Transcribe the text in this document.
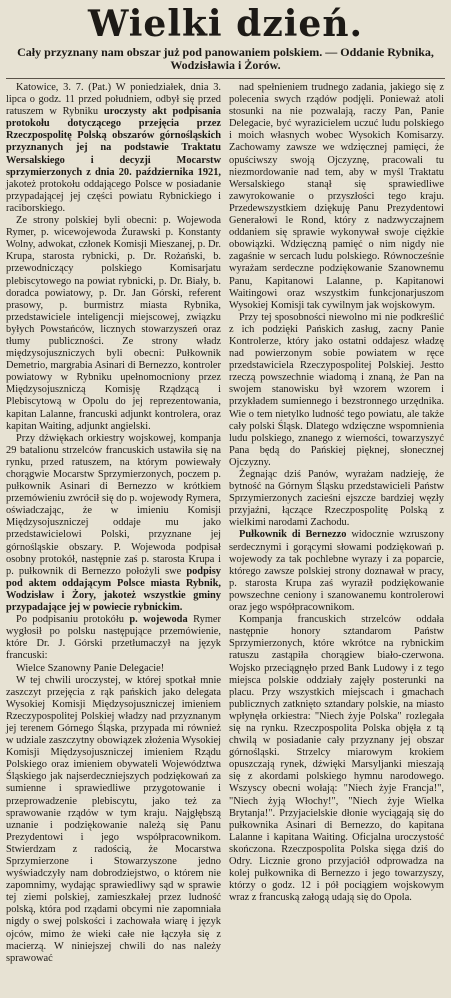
Wielki dzień.
Cały przyznany nam obszar już pod panowaniem polskiem. — Oddanie Rybnika, Wodzisławia i Żorów.

Katowice, 3. 7. (Pat.) W poniedziałek, dnia 3. lipca o godz. 11 przed południem, odbył się przed ratuszem w Rybniku uroczysty akt podpisania protokołu dotyczącego przejęcia przez Rzeczpospolitę Polską obszarów górnośląskich przyznanych jej na podstawie Traktatu Wersalskiego i decyzji Mocarstw sprzymierzonych z dnia 20. października 1921, jakoteż protokołu oddającego Polsce w posiadanie przypadającej jej części powiatu Rybnickiego i raciborskiego.

Ze strony polskiej byli obecni: p. Wojewoda Rymer, p. wicewojewoda Żurawski p. Konstanty Wolny, adwokat, członek Komisji Mieszanej, p. Dr. Krupa, starosta rybnicki, p. Dr. Rożański, b. przewodniczący polskiego Komisarjatu plebiscytowego na powiat rybnicki, p. Dr. Biały, b. doradca powiatowy, p. Dr. Jan Górski, referent prasowy, p. burmistrz miasta Rybnika, przedstawiciele inteligencji miejscowej, związku byłych Powstańców, licznych stowarzyszeń oraz tłumy publiczności. Ze strony władz międzysojuszniczych byli obecni: Pułkownik Demetrio, margrabia Asinari di Bernezzo, kontroler powiatowy w Rybniku upełnomocniony przez Międzysojuszniczą Komisję Rządzącą i Plebiscytową w Opolu do jej reprezentowania, kapitan Lalanne, francuski adjunkt kontrolera, oraz kapitan Waiting, adjunkt angielski.

Przy dźwiękach orkiestry wojskowej, kompanja 29 batalionu strzelców francuskich ustawiła się na rynku, przed ratuszem, na którym powiewały chorągwie Mocarstw Sprzymierzonych, poczem p. pułkownik Asinari di Bernezzo w krótkiem przemówieniu zwrócił się do p. wojewody Rymera, oświadczając, że w imieniu Komisji Międzysojuszniczej oddaje mu jako przedstawicielowi Polski, przyznane jej górnośląskie obszary. P. Wojewoda podpisał osobny protokół, następnie zaś p. starosta Krupa i p. pułkownik di Bernezzo położyli swe podpisy pod aktem oddającym Polsce miasta Rybnik, Wodzisław i Żory, jakoteż wszystkie gminy przypadające jej w powiecie rybnickim.

Po podpisaniu protokółu p. wojewoda Rymer wygłosił po polsku następujące przemówienie, które Dr. J. Górski przetłumaczył na język francuski:

Wielce Szanowny Panie Delegacie!

W tej chwili uroczystej, w której spotkał mnie zaszczyt przejęcia z rąk pańskich jako delegata Wysokiej Komisji Międzysojuszniczej imieniem Rzeczypospolitej Polskiej władzy nad przyznanym jej terenem Górnego Śląska, przypada mi również w udziale zaszczytny obowiązek złożenia Wysokiej Komisji Międzysojuszniczej imieniem Rządu Polskiego oraz imieniem obywateli Województwa Śląskiego jak najserdeczniejszych podziękowań za sumienne i sprawiedliwe przygotowanie i przeprowadzenie plebiscytu, jako też za sprawowanie rządów w tym kraju. Najgłębszą uznanie i podziękowanie należą się Panu Prezydentowi i jego współpracownikom. Stwierdzam z radością, że Mocarstwa Sprzymierzone i Stowarzyszone jedno wyświadczyły nam dobrodziejstwo, o którem nie zapomnimy, wydając sprawiedliwy sąd w sprawie tej ziemi polskiej, zamieszkałej przez ludność polską, która pod rządami obcymi nie zapomniała nigdy o swej polskości i zachowała wiarę i język ojców, mimo że wieki całe nie łączyła się z macierzą. W niniejszej chwili do nas należy sprawować

nad spełnieniem trudnego zadania, jakiego się z polecenia swych rządów podjęli. Ponieważ atoli stosunki na nie pozwalają, raczy Pan, Panie Delegacie, być wyrazicielem uczuć ludu polskiego i moich własnych wobec Wysokich Komisarzy. Zachowamy zawsze we wdzięcznej pamięci, że opuściwszy swoją Ojczyznę, pracowali tu niezmordowanie nad tem, aby w myśl Traktatu Wersalskiego stanął się sprawiedliwe zawyrokowanie o przyszłości tego kraju. Przedewszystkiem dziękuję Panu Prezydentowi Generałowi le Rond, który z nadzwyczajnem oddaniem się sprawie wykonywał swoje ciężkie obowiązki. Wdzięczną pamięć o nim nigdy nie zagaśnie w sercach ludu polskiego. Równocześnie wyrażam serdeczne podziękowanie Szanownemu Panu, Kapitanowi Lalanne, p. Kapitanowi Waitingowi oraz wszystkim funkcjonarjuszom Wysokiej Komisji tak cywilnym jak wojskowym.

Przy tej sposobności niewolno mi nie podkreślić z ich podzięki Pańskich zasług, zacny Panie Kontrolerze, który jako ostatni oddajesz władzę nad powierzonym sobie powiatem w ręce przedstawiciela Rzeczypospolitej Polskiej. Jestto rzeczą powszechnie wiadomą i znaną, że Pan na swojem stanowisku był wzorem wzorem i przykładem sumiennego i bezstronnego urzędnika. Wie o tem nietylko ludność tego powiatu, ale także cały polski Śląsk. Dlatego wdzięczne wspomnienia ludu polskiego, znanego z wierności, towarzyszyć Pana będą do Pańskiej pięknej, słonecznej Ojczyzny.

Żegnając dziś Panów, wyrażam nadzieję, że bytność na Górnym Śląsku przedstawicieli Państw Sprzymierzonych zacieśni ejszcze bardziej węzły przyjaźni, łączące Rzeczpospolitę Polską z wielkimi narodami Zachodu.

Pułkownik di Bernezzo widocznie wzruszony serdecznymi i gorącymi słowami podziękowań p. wojewody za tak pochlebne wyrazy i za poparcie, którego zawsze polskiej strony doznawał w pracy, p. starosta Krupa zaś wyraził podziękowanie powszechne ceniony i szanowanemu kontrolerowi oraz jego współpracownikom.

Kompanja francuskich strzelców oddała następnie honory sztandarom Państw Sprzymierzonych, które wkrótce na rybnickim ratuszu zastąpiła chorągiew biało-czerwona. Wojsko przeciągnęło przed Bank Ludowy i z tego miejsca polskie oddziały zajęły posterunki na placu. Przy wszystkich miejscach i gmachach publicznych zatknięto sztandary polskie, na miasto wpłynęła orkiestra: "Niech żyje Polska" rozlegała się na rynku. Rzeczpospolita Polska objęła z tą chwilą w posiadanie cały przyznany jej obszar górnośląski. Strzelcy miarowym krokiem opuszczają rynek, dźwięki Marsyljanki mieszają się z akordami polskiego hymnu narodowego. Wszyscy obecni wołają: "Niech żyje Francja!", "Niech żyją Włochy!", "Niech żyje Wielka Brytanja!". Przyjacielskie dłonie wyciągają się do pułkownika Asinari di Bernezzo, do kapitana Lalanne i kapitana Waiting. Oficjalna uroczystość skończona. Rzeczpospolita Polska sięga dziś do Odry. Licznie grono przyjaciół odprowadza na kolej pułkownika di Bernezzo i jego towarzyszy, którzy o godz. 12 i pół pociągiem wojskowym wraz z francuską załogą udają się do Opola.
